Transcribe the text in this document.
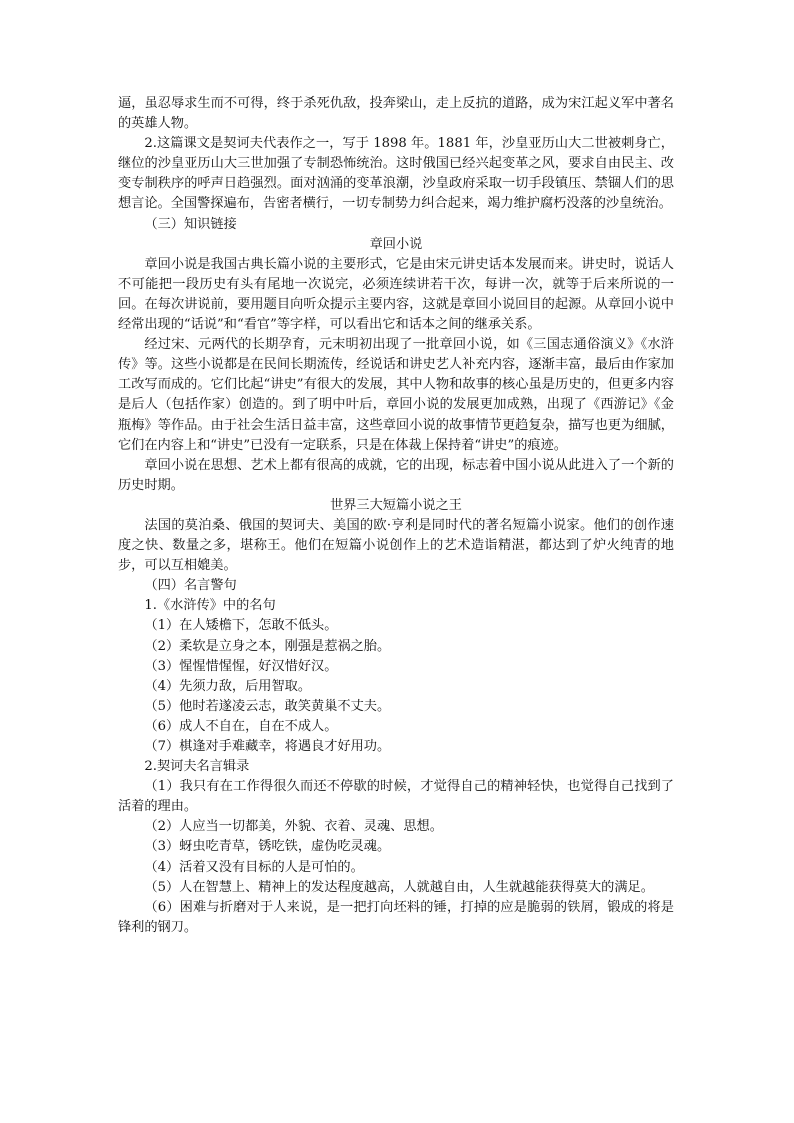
逼，虽忍辱求生而不可得，终于杀死仇敌，投奔梁山，走上反抗的道路，成为宋江起义军中著名的英雄人物。

2.这篇课文是契诃夫代表作之一，写于 1898 年。1881 年，沙皇亚历山大二世被刺身亡，继位的沙皇亚历山大三世加强了专制恐怖统治。这时俄国已经兴起变革之风，要求自由民主、改变专制秩序的呼声日趋强烈。面对汹涌的变革浪潮，沙皇政府采取一切手段镇压、禁锢人们的思想言论。全国警探遍布，告密者横行，一切专制势力纠合起来，竭力维护腐朽没落的沙皇统治。

（三）知识链接

章回小说

章回小说是我国古典长篇小说的主要形式，它是由宋元讲史话本发展而来。讲史时，说话人不可能把一段历史有头有尾地一次说完，必须连续讲若干次，每讲一次，就等于后来所说的一回。在每次讲说前，要用题目向听众提示主要内容，这就是章回小说回目的起源。从章回小说中经常出现的“话说”和“看官”等字样，可以看出它和话本之间的继承关系。

经过宋、元两代的长期孕育，元末明初出现了一批章回小说，如《三国志通俗演义》《水浒传》等。这些小说都是在民间长期流传，经说话和讲史艺人补充内容，逐渐丰富，最后由作家加工改写而成的。它们比起“讲史”有很大的发展，其中人物和故事的核心虽是历史的，但更多内容是后人（包括作家）创造的。到了明中叶后，章回小说的发展更加成熟，出现了《西游记》《金瓶梅》等作品。由于社会生活日益丰富，这些章回小说的故事情节更趋复杂，描写也更为细腻，它们在内容上和“讲史”已没有一定联系，只是在体裁上保持着“讲史”的痕迹。

章回小说在思想、艺术上都有很高的成就，它的出现，标志着中国小说从此进入了一个新的历史时期。

世界三大短篇小说之王

法国的莫泊桑、俄国的契诃夫、美国的欧·亨利是同时代的著名短篇小说家。他们的创作速度之快、数量之多，堪称王。他们在短篇小说创作上的艺术造诣精湛，都达到了炉火纯青的地步，可以互相媲美。

（四）名言警句

1.《水浒传》中的名句

（1）在人矮檐下，怎敢不低头。

（2）柔软是立身之本，刚强是惹祸之胎。

（3）惺惺惜惺惺，好汉惜好汉。

（4）先须力敌，后用智取。

（5）他时若遂凌云志，敢笑黄巢不丈夫。

（6）成人不自在，自在不成人。

（7）棋逢对手难藏幸，将遇良才好用功。

2.契诃夫名言辑录

（1）我只有在工作得很久而还不停歇的时候，才觉得自己的精神轻快，也觉得自己找到了活着的理由。

（2）人应当一切都美，外貌、衣着、灵魂、思想。

（3）蚜虫吃青草，锈吃铁，虚伪吃灵魂。

（4）活着又没有目标的人是可怕的。

（5）人在智慧上、精神上的发达程度越高，人就越自由，人生就越能获得莫大的满足。

（6）困难与折磨对于人来说，是一把打向坯料的锤，打掉的应是脆弱的铁屑，锻成的将是锋利的钢刀。
